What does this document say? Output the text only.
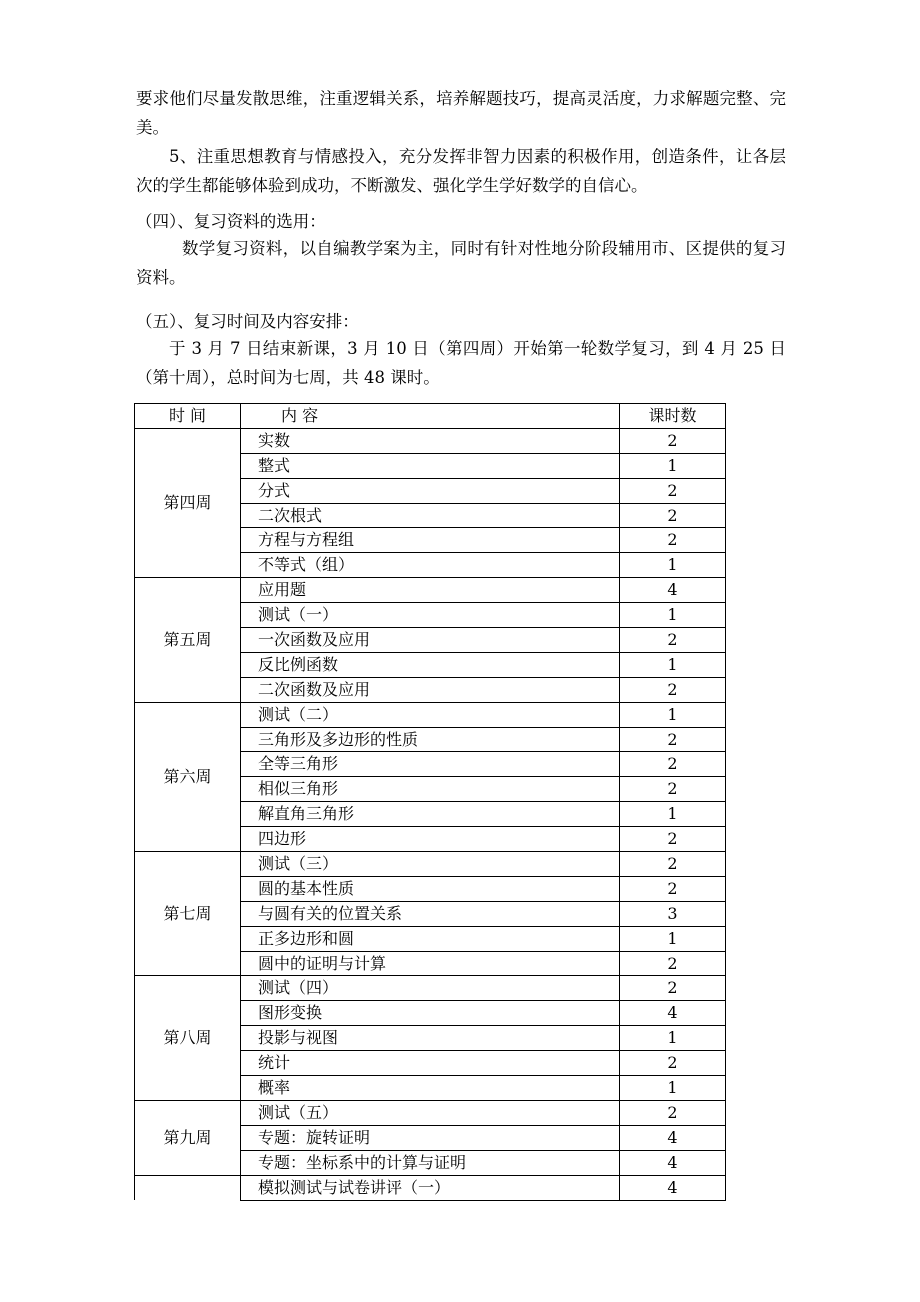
要求他们尽量发散思维，注重逻辑关系，培养解题技巧，提高灵活度，力求解题完整、完美。

5、注重思想教育与情感投入，充分发挥非智力因素的积极作用，创造条件，让各层次的学生都能够体验到成功，不断激发、强化学生学好数学的自信心。

（四）、复习资料的选用：

数学复习资料，以自编教学案为主，同时有针对性地分阶段辅用市、区提供的复习资料。

（五）、复习时间及内容安排：

于 3 月 7 日结束新课，3 月 10 日（第四周）开始第一轮数学复习，到 4 月 25 日（第十周），总时间为七周，共 48 课时。

时 间	内 容	课时数
第四周	实数	2
	整式	1
	分式	2
	二次根式	2
	方程与方程组	2
	不等式（组）	1
第五周	应用题	4
	测试（一）	1
	一次函数及应用	2
	反比例函数	1
	二次函数及应用	2
第六周	测试（二）	1
	三角形及多边形的性质	2
	全等三角形	2
	相似三角形	2
	解直角三角形	1
	四边形	2
第七周	测试（三）	2
	圆的基本性质	2
	与圆有关的位置关系	3
	正多边形和圆	1
	圆中的证明与计算	2
第八周	测试（四）	2
	图形变换	4
	投影与视图	1
	统计	2
	概率	1
第九周	测试（五）	2
	专题：旋转证明	4
	专题：坐标系中的计算与证明	4
	模拟测试与试卷讲评（一）	4
